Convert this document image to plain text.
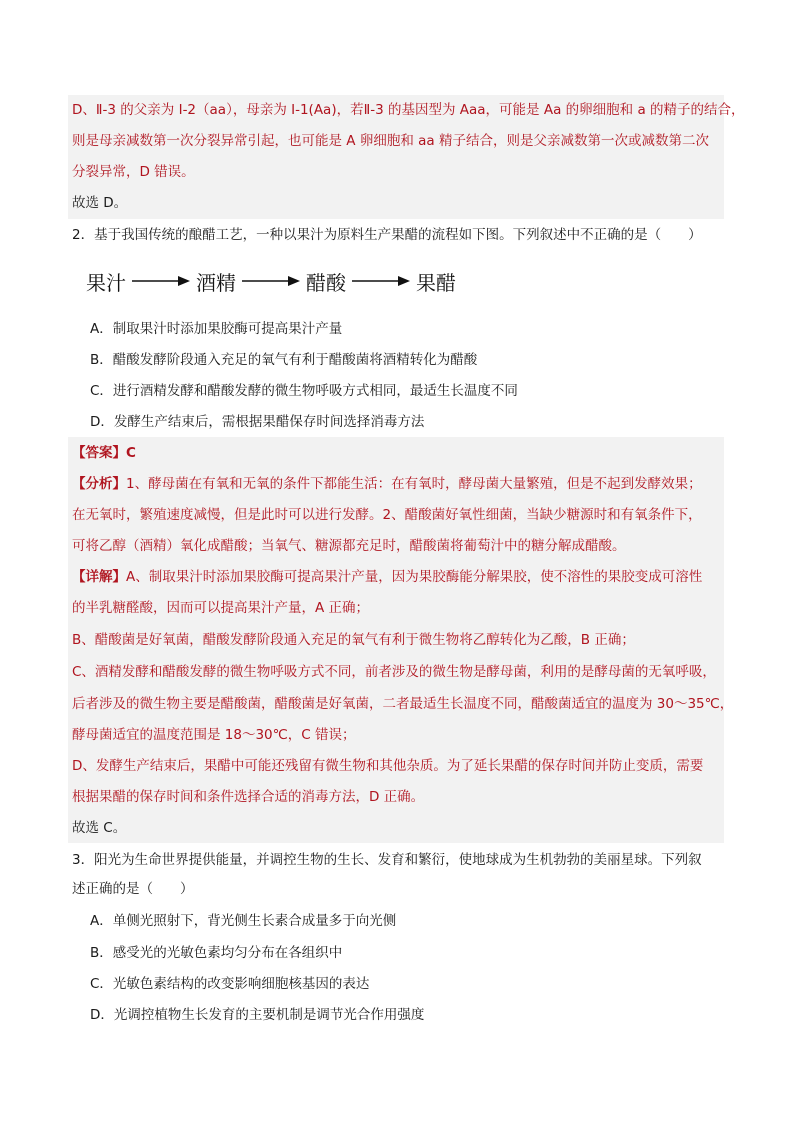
D、Ⅱ-3 的父亲为 I-2（aa），母亲为 I-1(Aa)，若Ⅱ-3 的基因型为 Aaa，可能是 Aa 的卵细胞和 a 的精子的结合，
则是母亲减数第一次分裂异常引起，也可能是 A 卵细胞和 aa 精子结合，则是父亲减数第一次或减数第二次
分裂异常，D 错误。
故选 D。
2．基于我国传统的酿醋工艺，一种以果汁为原料生产果醋的流程如下图。下列叙述中不正确的是（　　）
果汁	酒精	醋酸	果醋
A．制取果汁时添加果胶酶可提高果汁产量
B．醋酸发酵阶段通入充足的氧气有利于醋酸菌将酒精转化为醋酸
C．进行酒精发酵和醋酸发酵的微生物呼吸方式相同，最适生长温度不同
D．发酵生产结束后，需根据果醋保存时间选择消毒方法
【答案】C
【分析】1、酵母菌在有氧和无氧的条件下都能生活：在有氧时，酵母菌大量繁殖，但是不起到发酵效果；
在无氧时，繁殖速度减慢，但是此时可以进行发酵。2、醋酸菌好氧性细菌，当缺少糖源时和有氧条件下，
可将乙醇（酒精）氧化成醋酸；当氧气、糖源都充足时，醋酸菌将葡萄汁中的糖分解成醋酸。
【详解】A、制取果汁时添加果胶酶可提高果汁产量，因为果胶酶能分解果胶，使不溶性的果胶变成可溶性
的半乳糖醛酸，因而可以提高果汁产量，A 正确；
B、醋酸菌是好氧菌，醋酸发酵阶段通入充足的氧气有利于微生物将乙醇转化为乙酸，B 正确；
C、酒精发酵和醋酸发酵的微生物呼吸方式不同，前者涉及的微生物是酵母菌，利用的是酵母菌的无氧呼吸，
后者涉及的微生物主要是醋酸菌，醋酸菌是好氧菌，二者最适生长温度不同，醋酸菌适宜的温度为 30～35℃，
酵母菌适宜的温度范围是 18～30℃，C 错误；
D、发酵生产结束后，果醋中可能还残留有微生物和其他杂质。为了延长果醋的保存时间并防止变质，需要
根据果醋的保存时间和条件选择合适的消毒方法，D 正确。
故选 C。
3．阳光为生命世界提供能量，并调控生物的生长、发育和繁衍，使地球成为生机勃勃的美丽星球。下列叙
述正确的是（　　）
A．单侧光照射下，背光侧生长素合成量多于向光侧
B．感受光的光敏色素均匀分布在各组织中
C．光敏色素结构的改变影响细胞核基因的表达
D．光调控植物生长发育的主要机制是调节光合作用强度
